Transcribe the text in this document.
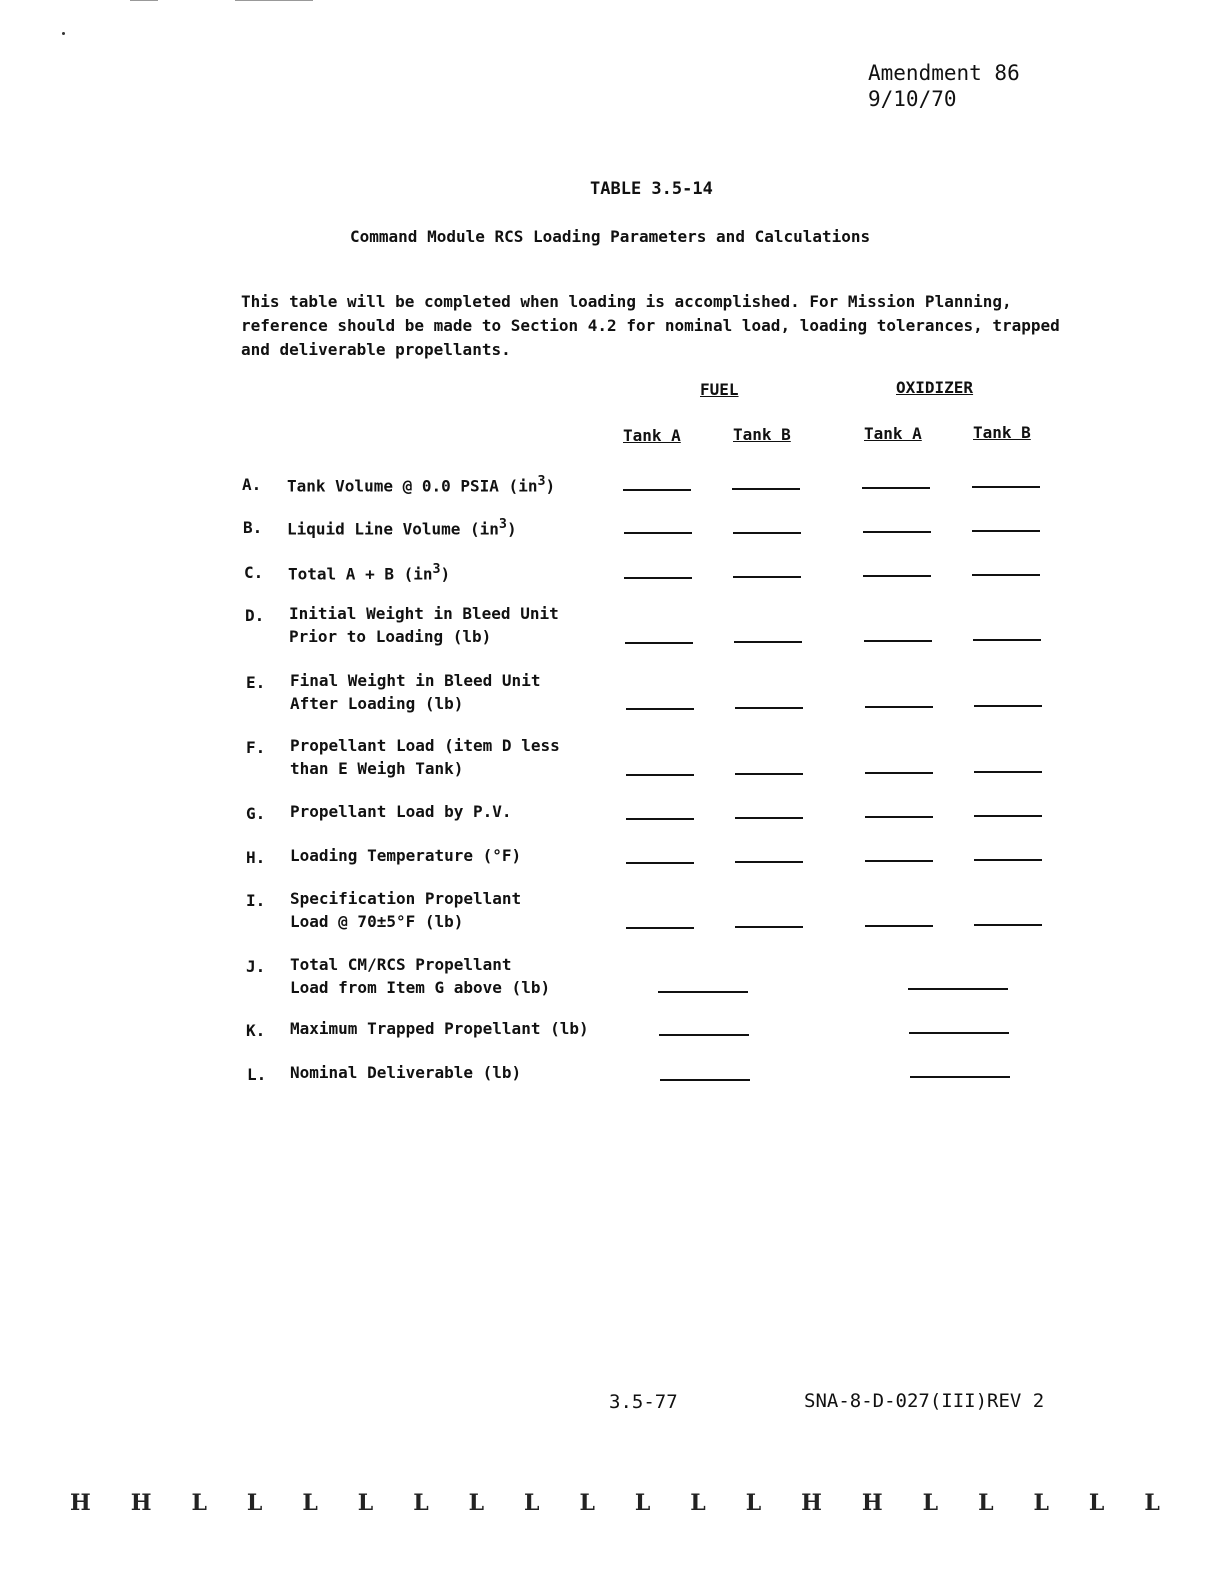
Amendment 86
9/10/70
TABLE 3.5-14
Command Module RCS Loading Parameters and Calculations
This table will be completed when loading is accomplished. For Mission Planning, reference should be made to Section 4.2 for nominal load, loading tolerances, trapped and deliverable propellants.
FUEL	OXIDIZER
Tank A	Tank B	Tank A	Tank B
A. Tank Volume @ 0.0 PSIA $(in^3)$
B. Liquid Line Volume $(in^3)$
C. Total A + B $(in^3)$
D. Initial Weight in Bleed Unit
Prior to Loading (lb)
E. Final Weight in Bleed Unit
After Loading (lb)
F. Propellant Load (item D less
than E Weigh Tank)
G. Propellant Load by P.V.
H. Loading Temperature (°F)
I. Specification Propellant
Load @ 70±5°F (lb)
J. Total CM/RCS Propellant
Load from Item G above (lb)
K. Maximum Trapped Propellant (lb)
L. Nominal Deliverable (lb)
3.5-77	SNA-8-D-027(III)REV 2
H H L L L L L L L L L L L H H L L L L L
